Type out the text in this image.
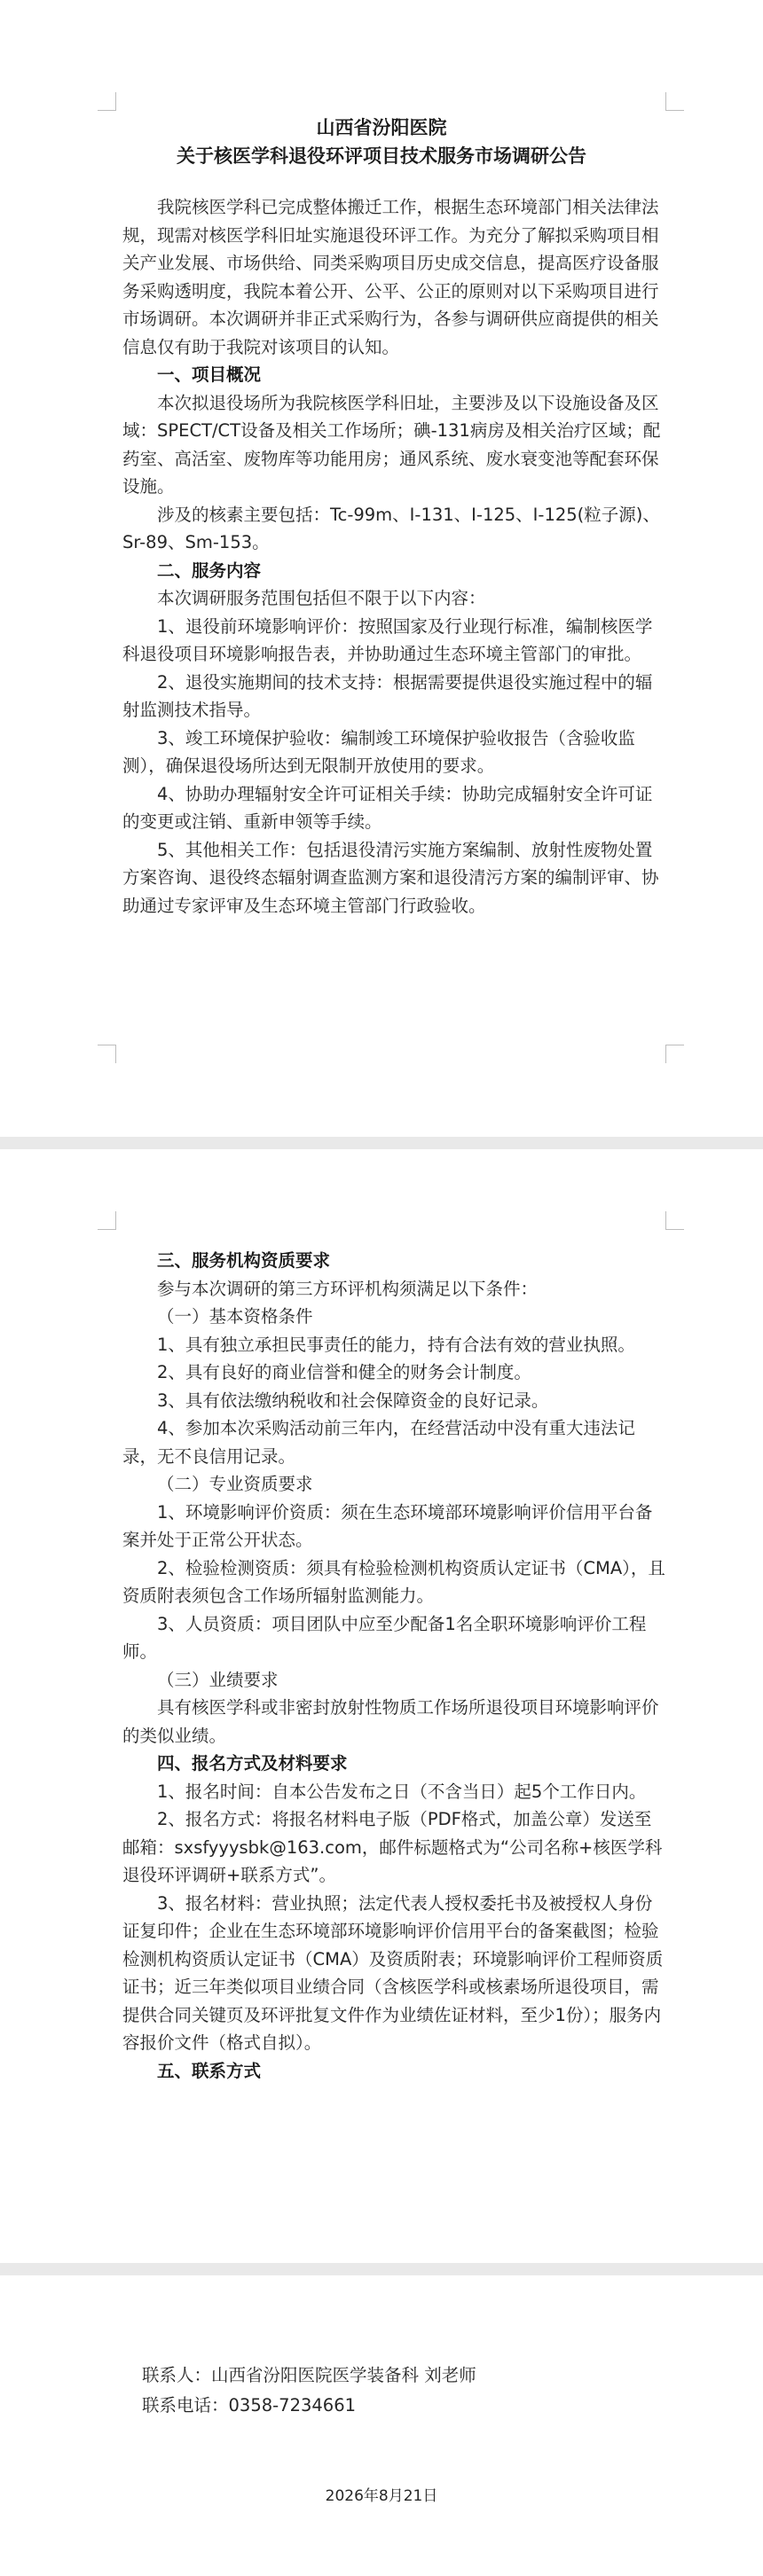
山西省汾阳医院
关于核医学科退役环评项目技术服务市场调研公告

我院核医学科已完成整体搬迁工作，根据生态环境部门相关法律法规，现需对核医学科旧址实施退役环评工作。为充分了解拟采购项目相关产业发展、市场供给、同类采购项目历史成交信息，提高医疗设备服务采购透明度，我院本着公开、公平、公正的原则对以下采购项目进行市场调研。本次调研并非正式采购行为，各参与调研供应商提供的相关信息仅有助于我院对该项目的认知。

一、项目概况

本次拟退役场所为我院核医学科旧址，主要涉及以下设施设备及区域：SPECT/CT设备及相关工作场所；碘-131病房及相关治疗区域；配药室、高活室、废物库等功能用房；通风系统、废水衰变池等配套环保设施。

涉及的核素主要包括：Tc-99m、I-131、I-125、I-125(粒子源)、Sr-89、Sm-153。

二、服务内容

本次调研服务范围包括但不限于以下内容：

1、退役前环境影响评价：按照国家及行业现行标准，编制核医学科退役项目环境影响报告表，并协助通过生态环境主管部门的审批。

2、退役实施期间的技术支持：根据需要提供退役实施过程中的辐射监测技术指导。

3、竣工环境保护验收：编制竣工环境保护验收报告（含验收监测），确保退役场所达到无限制开放使用的要求。

4、协助办理辐射安全许可证相关手续：协助完成辐射安全许可证的变更或注销、重新申领等手续。

5、其他相关工作：包括退役清污实施方案编制、放射性废物处置方案咨询、退役终态辐射调查监测方案和退役清污方案的编制评审、协助通过专家评审及生态环境主管部门行政验收。

三、服务机构资质要求

参与本次调研的第三方环评机构须满足以下条件：

（一）基本资格条件

1、具有独立承担民事责任的能力，持有合法有效的营业执照。

2、具有良好的商业信誉和健全的财务会计制度。

3、具有依法缴纳税收和社会保障资金的良好记录。

4、参加本次采购活动前三年内，在经营活动中没有重大违法记录，无不良信用记录。

（二）专业资质要求

1、环境影响评价资质：须在生态环境部环境影响评价信用平台备案并处于正常公开状态。

2、检验检测资质：须具有检验检测机构资质认定证书（CMA），且资质附表须包含工作场所辐射监测能力。

3、人员资质：项目团队中应至少配备1名全职环境影响评价工程师。

（三）业绩要求

具有核医学科或非密封放射性物质工作场所退役项目环境影响评价的类似业绩。

四、报名方式及材料要求

1、报名时间：自本公告发布之日（不含当日）起5个工作日内。

2、报名方式：将报名材料电子版（PDF格式，加盖公章）发送至邮箱：sxsfyyysbk@163.com，邮件标题格式为“公司名称+核医学科退役环评调研+联系方式”。

3、报名材料：营业执照；法定代表人授权委托书及被授权人身份证复印件；企业在生态环境部环境影响评价信用平台的备案截图；检验检测机构资质认定证书（CMA）及资质附表；环境影响评价工程师资质证书；近三年类似项目业绩合同（含核医学科或核素场所退役项目，需提供合同关键页及环评批复文件作为业绩佐证材料，至少1份）；服务内容报价文件（格式自拟）。

五、联系方式

联系人：山西省汾阳医院医学装备科 刘老师

联系电话：0358-7234661

2026年8月21日
